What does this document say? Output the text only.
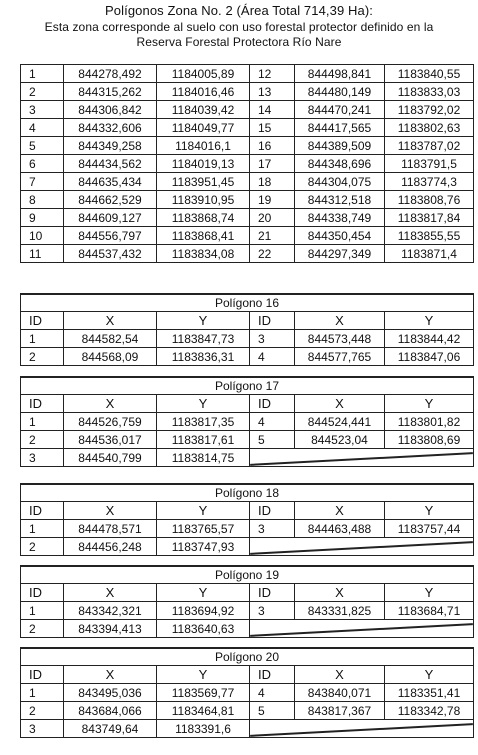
Polígonos Zona No. 2 (Área Total 714,39 Ha):
Esta zona corresponde al suelo con uso forestal protector definido en la
Reserva Forestal Protectora Río Nare
1	844278,492	1184005,89	12	844498,841	1183840,55
2	844315,262	1184016,46	13	844480,149	1183833,03
3	844306,842	1184039,42	14	844470,241	1183792,02
4	844332,606	1184049,77	15	844417,565	1183802,63
5	844349,258	1184016,1	16	844389,509	1183787,02
6	844434,562	1184019,13	17	844348,696	1183791,5
7	844635,434	1183951,45	18	844304,075	1183774,3
8	844662,529	1183910,95	19	844312,518	1183808,76
9	844609,127	1183868,74	20	844338,749	1183817,84
10	844556,797	1183868,41	21	844350,454	1183855,55
11	844537,432	1183834,08	22	844297,349	1183871,4
Polígono 16					
ID	X	Y	ID	X	Y
1	844582,54	1183847,73	3	844573,448	1183844,42
2	844568,09	1183836,31	4	844577,765	1183847,06
Polígono 17					
ID	X	Y	ID	X	Y
1	844526,759	1183817,35	4	844524,441	1183801,82
2	844536,017	1183817,61	5	844523,04	1183808,69
3	844540,799	1183814,75			
Polígono 18					
ID	X	Y	ID	X	Y
1	844478,571	1183765,57	3	844463,488	1183757,44
2	844456,248	1183747,93			
Polígono 19					
ID	X	Y	ID	X	Y
1	843342,321	1183694,92	3	843331,825	1183684,71
2	843394,413	1183640,63			
Polígono 20					
ID	X	Y	ID	X	Y
1	843495,036	1183569,77	4	843840,071	1183351,41
2	843684,066	1183464,81	5	843817,367	1183342,78
3	843749,64	1183391,6			
